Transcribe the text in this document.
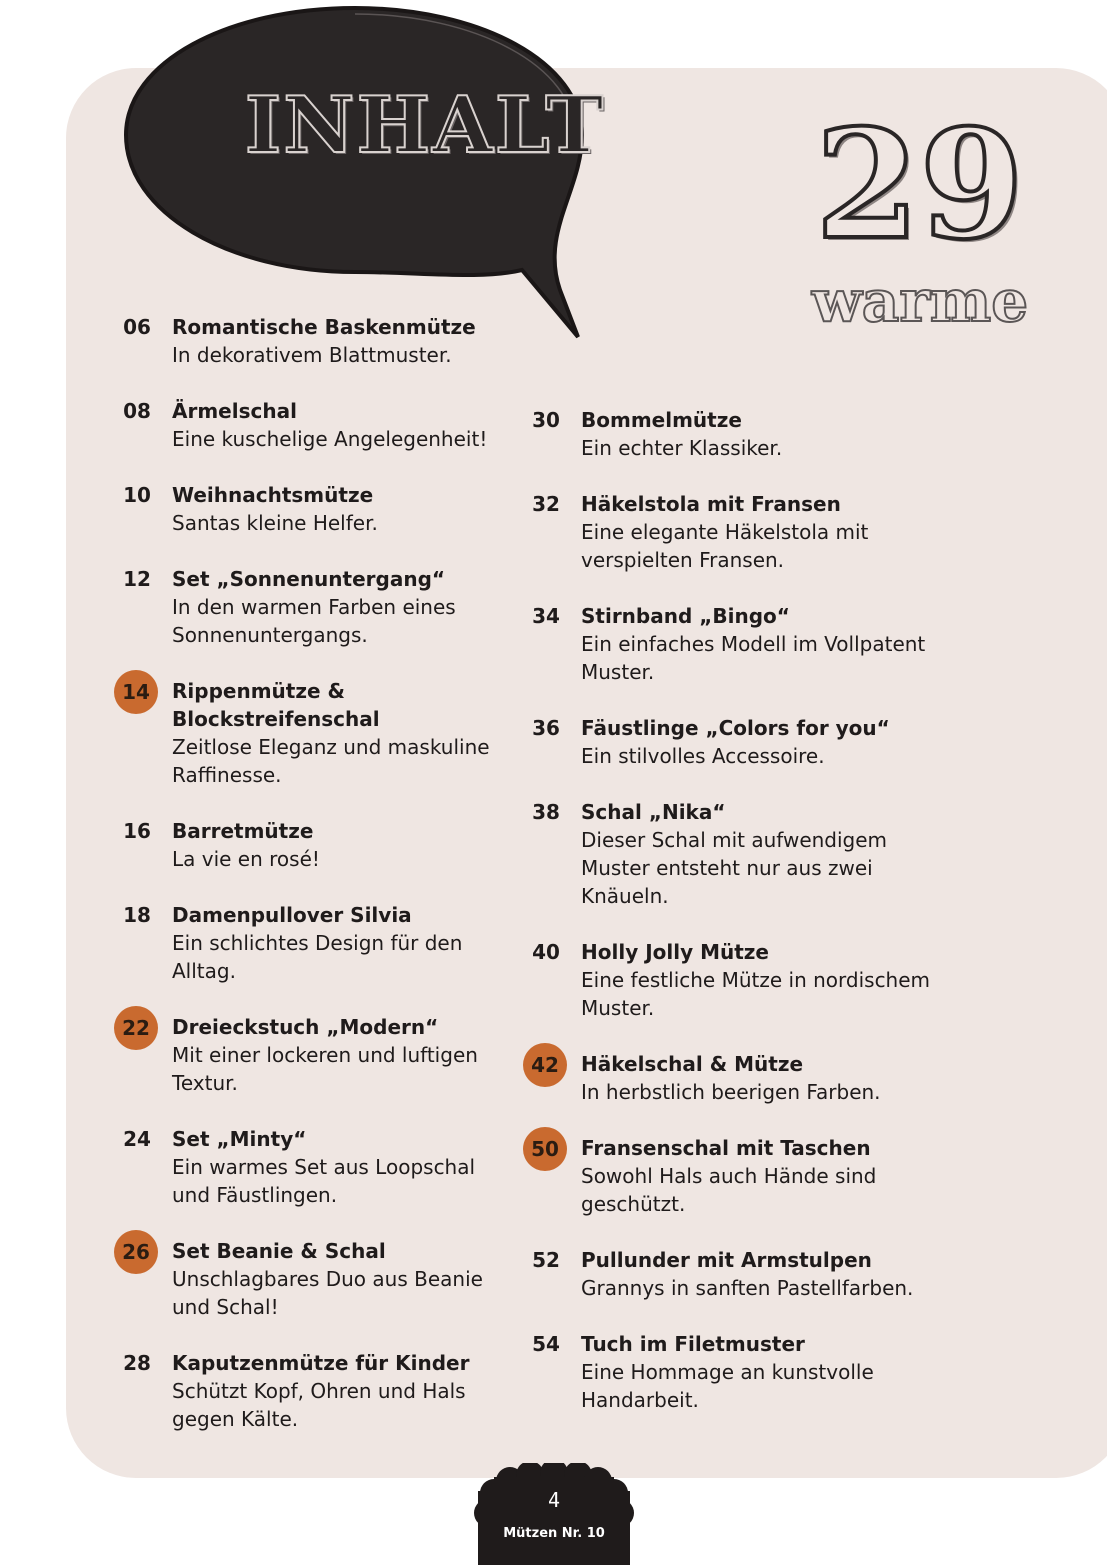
INHALT	29
warme
06	Romantische Baskenmütze
In dekorativem Blattmuster.
08	Ärmelschal
Eine kuschelige Angelegenheit!
10	Weihnachtsmütze
Santas kleine Helfer.
12	Set „Sonnenuntergang“
In den warmen Farben eines Sonnenuntergangs.
14	Rippenmütze & Blockstreifenschal
Zeitlose Eleganz und maskuline Raffinesse.
16	Barretmütze
La vie en rosé!
18	Damenpullover Silvia
Ein schlichtes Design für den Alltag.
22	Dreieckstuch „Modern“
Mit einer lockeren und luftigen Textur.
24	Set „Minty“
Ein warmes Set aus Loopschal und Fäustlingen.
26	Set Beanie & Schal
Unschlagbares Duo aus Beanie und Schal!
28	Kaputzenmütze für Kinder
Schützt Kopf, Ohren und Hals gegen Kälte.
30	Bommelmütze
Ein echter Klassiker.
32	Häkelstola mit Fransen
Eine elegante Häkelstola mit verspielten Fransen.
34	Stirnband „Bingo“
Ein einfaches Modell im Vollpatent Muster.
36	Fäustlinge „Colors for you“
Ein stilvolles Accessoire.
38	Schal „Nika“
Dieser Schal mit aufwendigem Muster entsteht nur aus zwei Knäueln.
40	Holly Jolly Mütze
Eine festliche Mütze in nordischem Muster.
42	Häkelschal & Mütze
In herbstlich beerigen Farben.
50	Fransenschal mit Taschen
Sowohl Hals auch Hände sind geschützt.
52	Pullunder mit Armstulpen
Grannys in sanften Pastellfarben.
54	Tuch im Filetmuster
Eine Hommage an kunstvolle Handarbeit.
4
Mützen Nr. 10
